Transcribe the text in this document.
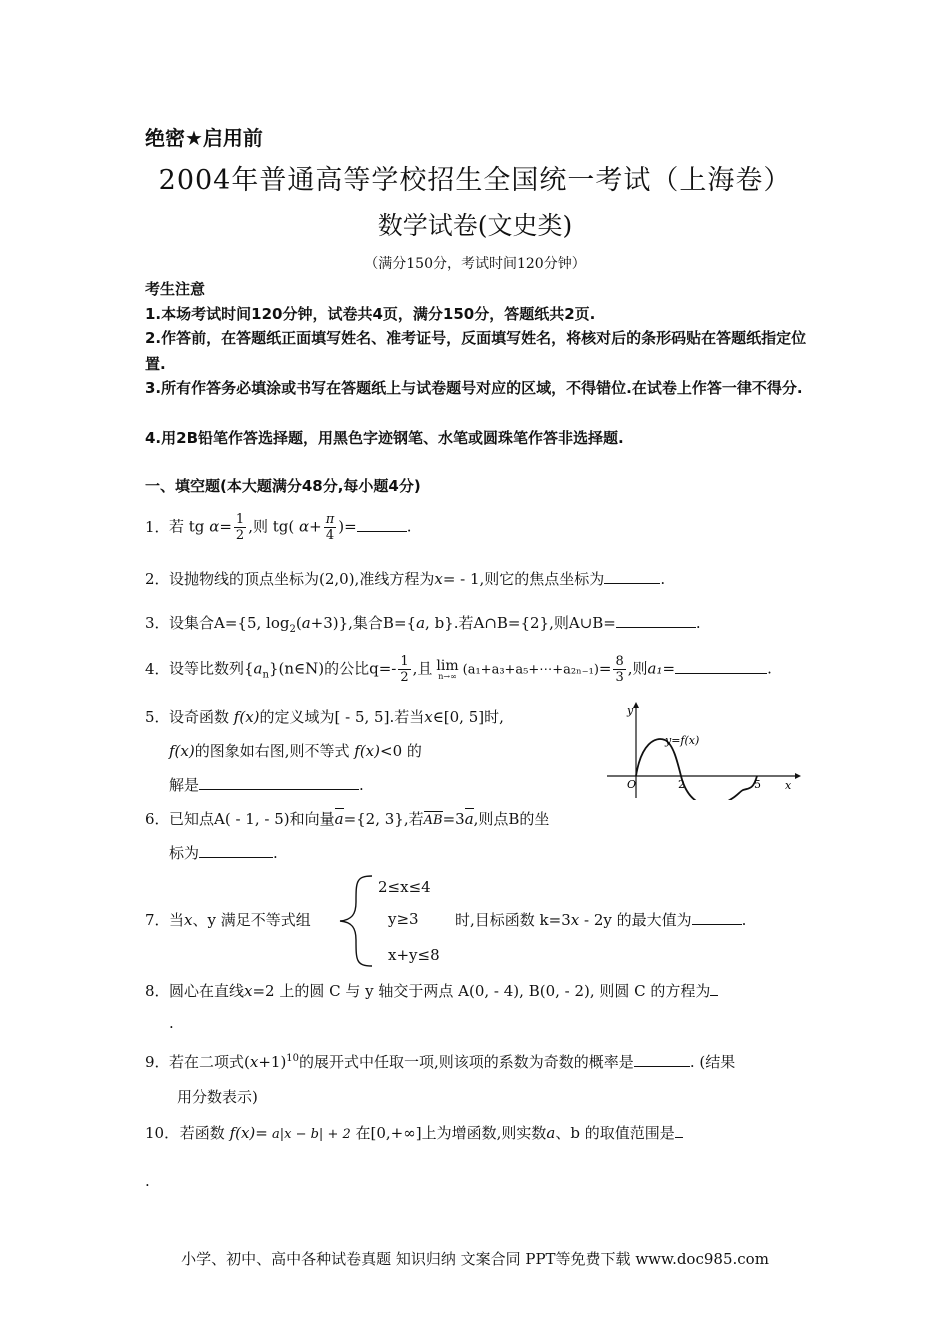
绝密★启用前
2004年普通高等学校招生全国统一考试（上海卷）
数学试卷(文史类)
（满分150分，考试时间120分钟）
考生注意
1.本场考试时间120分钟，试卷共4页，满分150分，答题纸共2页.
2.作答前，在答题纸正面填写姓名、准考证号，反面填写姓名，将核对后的条形码贴在答题纸指定位置.
3.所有作答务必填涂或书写在答题纸上与试卷题号对应的区域，不得错位.在试卷上作答一律不得分.
4.用2B铅笔作答选择题，用黑色字迹钢笔、水笔或圆珠笔作答非选择题.
一、填空题(本大题满分48分,每小题4分)
1．若 tg $\alpha= \frac{1}{2}$ ,则 tg( $\alpha+ \frac{\pi}{4}$ )=	.
2．设抛物线的顶点坐标为(2,0),准线方程为x= - 1,则它的焦点坐标为	.
3．设集合A={5, $\log_2(a+3)$},集合B={a, b}.若A∩B={2},则A∪B=	.
4．设等比数列$\{a_n\}(n\in N)$的公比$q=- \frac{1}{2}$ ,且 lim
n→∞ (a₁+a₃+a₅+⋯+a₂ₙ₋₁)= $\frac{8}{3}$ ,则a₁=	.
5．设奇函数 f(x)的定义域为[ - 5, 5].若当x∈[0, 5]时,
f(x)的图象如右图,则不等式 f(x)<0 的
解是	.
y
x
O
y=f(x)
2	5
6．已知点A( - 1, - 5)和向量a={2, 3},若AB=3a,则点B的坐
标为	.
7．当x、y 满足不等式组
2≤x≤4
y≥3
x+y≤8
时,目标函数 k=3x - 2y 的最大值为	.
8．圆心在直线x=2 上的圆 C 与 y 轴交于两点 A(0, - 4), B(0, - 2), 则圆 C 的方程为
.
9．若在二项式$(x+1)^{10}$的展开式中任取一项,则该项的系数为奇数的概率是	. (结果
用分数表示)
10． 若函数 f(x)= a|x − b| + 2 在[0,+∞]上为增函数,则实数a、b 的取值范围是
.
小学、初中、高中各种试卷真题 知识归纳 文案合同 PPT等免费下载 www.doc985.com
